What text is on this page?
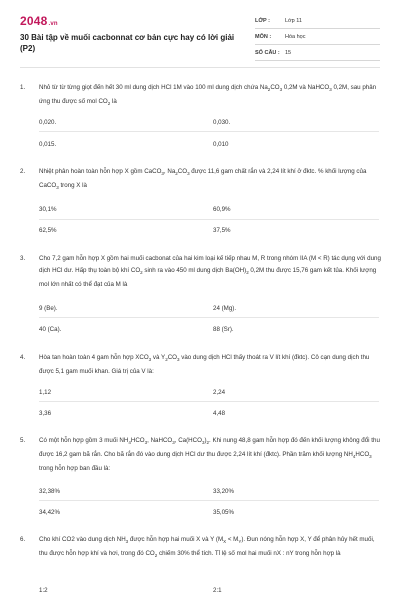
2048.vn
30 Bài tập về muối cacbonnat cơ bản cực hay có lời giải (P2)
LỚP :	Lớp 11
MÔN :	Hóa học
SỐ CÂU : 15
1. Nhỏ từ từ từng giọt đến hết 30 ml dung dịch HCl 1M vào 100 ml dung dịch chứa $Na_2CO_3$ 0,2M và NaHCO$_3$ 0,2M, sau phản ứng thu được số mol $CO_2$ là
0,020.	0,030.
0,015.	0,010
2. Nhiệt phân hoàn toàn hỗn hợp X gồm CaCO$_3$, $Na_2CO_3$ được 11,6 gam chất rắn và 2,24 lít khí ở đktc. % khối lượng của CaCO$_3$ trong X là
30,1%	60,9%
62,5%	37,5%
3. Cho 7,2 gam hỗn hợp X gồm hai muối cacbonat của hai kim loại kế tiếp nhau M, R trong nhóm IIA (M < R) tác dụng với dung dịch HCl dư. Hấp thụ toàn bộ khí $CO_2$ sinh ra vào 450 ml dung dịch $Ba(OH)_2$ 0,2M thu được 15,76 gam kết tủa. Khối lượng mol lớn nhất có thể đạt của M là
9 (Be).	24 (Mg).
40 (Ca).	88 (Sr).
4. Hòa tan hoàn toàn 4 gam hỗn hợp $XCO_3$ và $Y_2CO_3$ vào dung dịch HCl thấy thoát ra V lít khí (đktc). Cô cạn dung dịch thu được 5,1 gam muối khan. Giá trị của V là:
1,12	2,24
3,36	4,48
5. Có một hỗn hợp gồm 3 muối $NH_4HCO_3$, NaHCO$_3$, $Ca(HCO_3)_2$. Khi nung 48,8 gam hỗn hợp đó đến khối lượng không đổi thu được 16,2 gam bã rắn. Cho bã rắn đó vào dung dịch HCl dư thu được 2,24 lít khí (đktc). Phần trăm khối lượng $NH_4HCO_3$ trong hỗn hợp ban đầu là:
32,38%	33,20%
34,42%	35,05%
6. Cho khí CO2 vào dung dịch $NH_3$ được hỗn hợp hai muối X và Y $(M_X < M_Y)$. Đun nóng hỗn hợp X, Y để phân hủy hết muối, thu được hỗn hợp khí và hơi, trong đó $CO_2$ chiếm 30% thể tích. Tỉ lệ số mol hai muối nX : nY trong hỗn hợp là
1:2	2:1
